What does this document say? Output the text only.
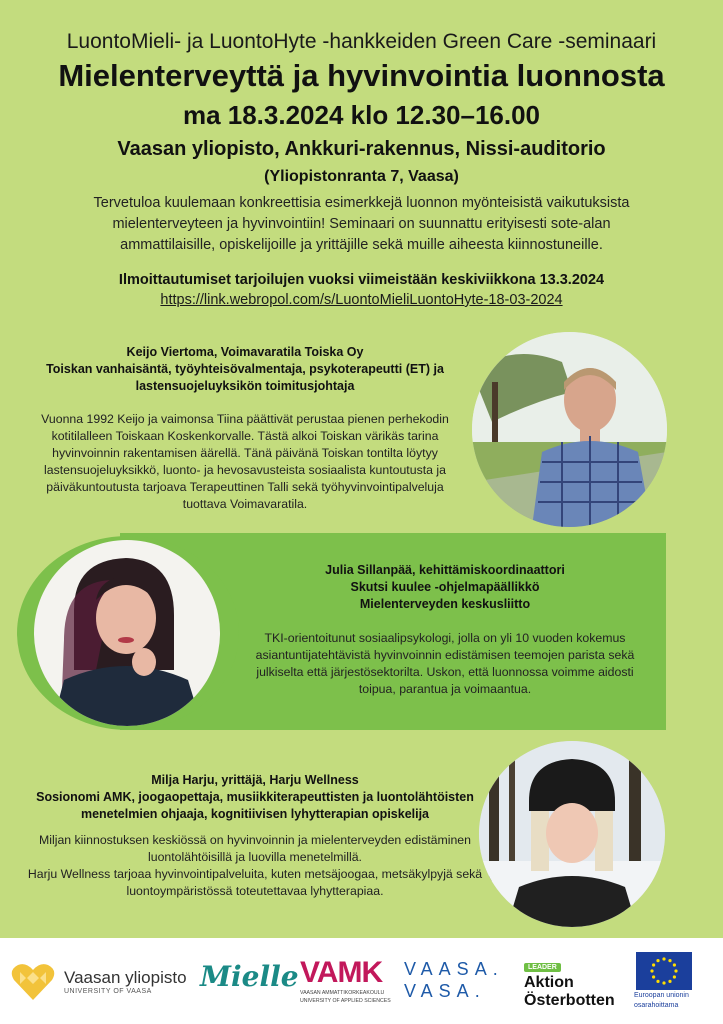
LuontoMieli- ja LuontoHyte -hankkeiden Green Care -seminaari
Mielenterveyttä ja hyvinvointia luonnosta
ma 18.3.2024 klo 12.30–16.00
Vaasan yliopisto, Ankkuri-rakennus, Nissi-auditorio
(Yliopistonranta 7, Vaasa)

Tervetuloa kuulemaan konkreettisia esimerkkejä luonnon myönteisistä vaikutuksista mielenterveyteen ja hyvinvointiin! Seminaari on suunnattu erityisesti sote-alan ammattilaisille, opiskelijoille ja yrittäjille sekä muille aiheesta kiinnostuneille.

Ilmoittautumiset tarjoilujen vuoksi viimeistään keskiviikkona 13.3.2024
https://link.webropol.com/s/LuontoMieliLuontoHyte-18-03-2024
Keijo Viertoma, Voimavaratila Toiska Oy
Toiskan vanhaisäntä, työyhteisövalmentaja, psykoterapeutti (ET) ja
lastensuojeluyksikön toimitusjohtaja

Vuonna 1992 Keijo ja vaimonsa Tiina päättivät perustaa pienen perhekodin kotitilalleen Toiskaan Koskenkorvalle. Tästä alkoi Toiskan värikäs tarina hyvinvoinnin rakentamisen äärellä. Tänä päivänä Toiskan tontilta löytyy lastensuojeluyksikkö, luonto- ja hevosavusteista sosiaalista kuntoutusta ja päiväkuntoutusta tarjoava Terapeuttinen Talli sekä työhyvinvointipalveluja tuottava Voimavaratila.

Julia Sillanpää, kehittämiskoordinaattori
Skutsi kuulee -ohjelmapäällikkö
Mielenterveyden keskusliitto

TKI-orientoitunut sosiaalipsykologi, jolla on yli 10 vuoden kokemus asiantuntijatehtävistä hyvinvoinnin edistämisen teemojen parista sekä julkiselta että järjestösektorilta. Uskon, että luonnossa voimme aidosti toipua, parantua ja voimaantua.

Milja Harju, yrittäjä, Harju Wellness
Sosionomi AMK, joogaopettaja, musiikkiterapeuttisten ja luontolähtöisten
menetelmien ohjaaja, kognitiivisen lyhytterapian opiskelija

Miljan kiinnostuksen keskiössä on hyvinvoinnin ja mielenterveyden edistäminen luontolähtöisillä ja luovilla menetelmillä.

Harju Wellness tarjoaa hyvinvointipalveluita, kuten metsäjoogaa, metsäkylpyjä sekä luontoympäristössä toteutettavaa lyhytterapiaa.

Vaasan yliopisto
UNIVERSITY OF VAASA Mielle VAMK
VAASAN AMMATTIKORKEAKOULU
UNIVERSITY OF APPLIED SCIENCES
VAASA.
VASA.
LEADER
Aktion
Österbotten	Euroopan unionin
osarahoittama
